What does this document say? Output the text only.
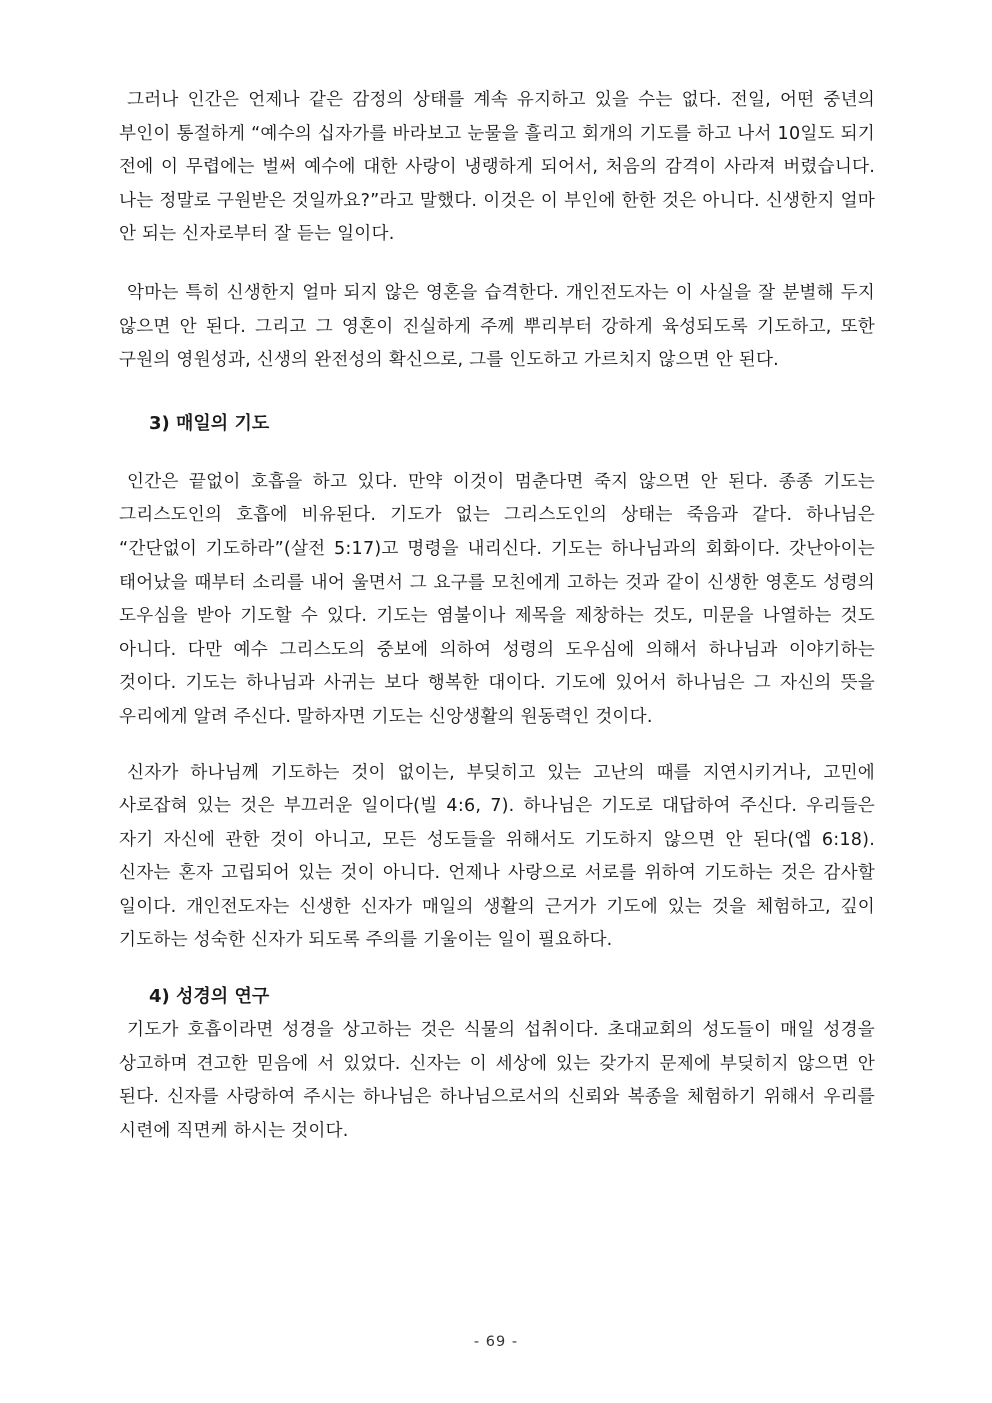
그러나 인간은 언제나 같은 감정의 상태를 계속 유지하고 있을 수는 없다. 전일, 어떤 중년의 부인이 통절하게 “예수의 십자가를 바라보고 눈물을 흘리고 회개의 기도를 하고 나서 10일도 되기 전에 이 무렵에는 벌써 예수에 대한 사랑이 냉랭하게 되어서, 처음의 감격이 사라져 버렸습니다. 나는 정말로 구원받은 것일까요?”라고 말했다. 이것은 이 부인에 한한 것은 아니다. 신생한지 얼마 안 되는 신자로부터 잘 듣는 일이다.

악마는 특히 신생한지 얼마 되지 않은 영혼을 습격한다. 개인전도자는 이 사실을 잘 분별해 두지 않으면 안 된다. 그리고 그 영혼이 진실하게 주께 뿌리부터 강하게 육성되도록 기도하고, 또한 구원의 영원성과, 신생의 완전성의 확신으로, 그를 인도하고 가르치지 않으면 안 된다.

3) 매일의 기도

인간은 끝없이 호흡을 하고 있다. 만약 이것이 멈춘다면 죽지 않으면 안 된다. 종종 기도는 그리스도인의 호흡에 비유된다. 기도가 없는 그리스도인의 상태는 죽음과 같다. 하나님은 “간단없이 기도하라”(살전 5:17)고 명령을 내리신다. 기도는 하나님과의 회화이다. 갓난아이는 태어났을 때부터 소리를 내어 울면서 그 요구를 모친에게 고하는 것과 같이 신생한 영혼도 성령의 도우심을 받아 기도할 수 있다. 기도는 염불이나 제목을 제창하는 것도, 미문을 나열하는 것도 아니다. 다만 예수 그리스도의 중보에 의하여 성령의 도우심에 의해서 하나님과 이야기하는 것이다. 기도는 하나님과 사귀는 보다 행복한 대이다. 기도에 있어서 하나님은 그 자신의 뜻을 우리에게 알려 주신다. 말하자면 기도는 신앙생활의 원동력인 것이다.

신자가 하나님께 기도하는 것이 없이는, 부딪히고 있는 고난의 때를 지연시키거나, 고민에 사로잡혀 있는 것은 부끄러운 일이다(빌 4:6, 7). 하나님은 기도로 대답하여 주신다. 우리들은 자기 자신에 관한 것이 아니고, 모든 성도들을 위해서도 기도하지 않으면 안 된다(엡 6:18). 신자는 혼자 고립되어 있는 것이 아니다. 언제나 사랑으로 서로를 위하여 기도하는 것은 감사할 일이다. 개인전도자는 신생한 신자가 매일의 생활의 근거가 기도에 있는 것을 체험하고, 깊이 기도하는 성숙한 신자가 되도록 주의를 기울이는 일이 필요하다.

4) 성경의 연구

기도가 호흡이라면 성경을 상고하는 것은 식물의 섭취이다. 초대교회의 성도들이 매일 성경을 상고하며 견고한 믿음에 서 있었다. 신자는 이 세상에 있는 갖가지 문제에 부딪히지 않으면 안 된다. 신자를 사랑하여 주시는 하나님은 하나님으로서의 신뢰와 복종을 체험하기 위해서 우리를 시련에 직면케 하시는 것이다.

- 69 -
